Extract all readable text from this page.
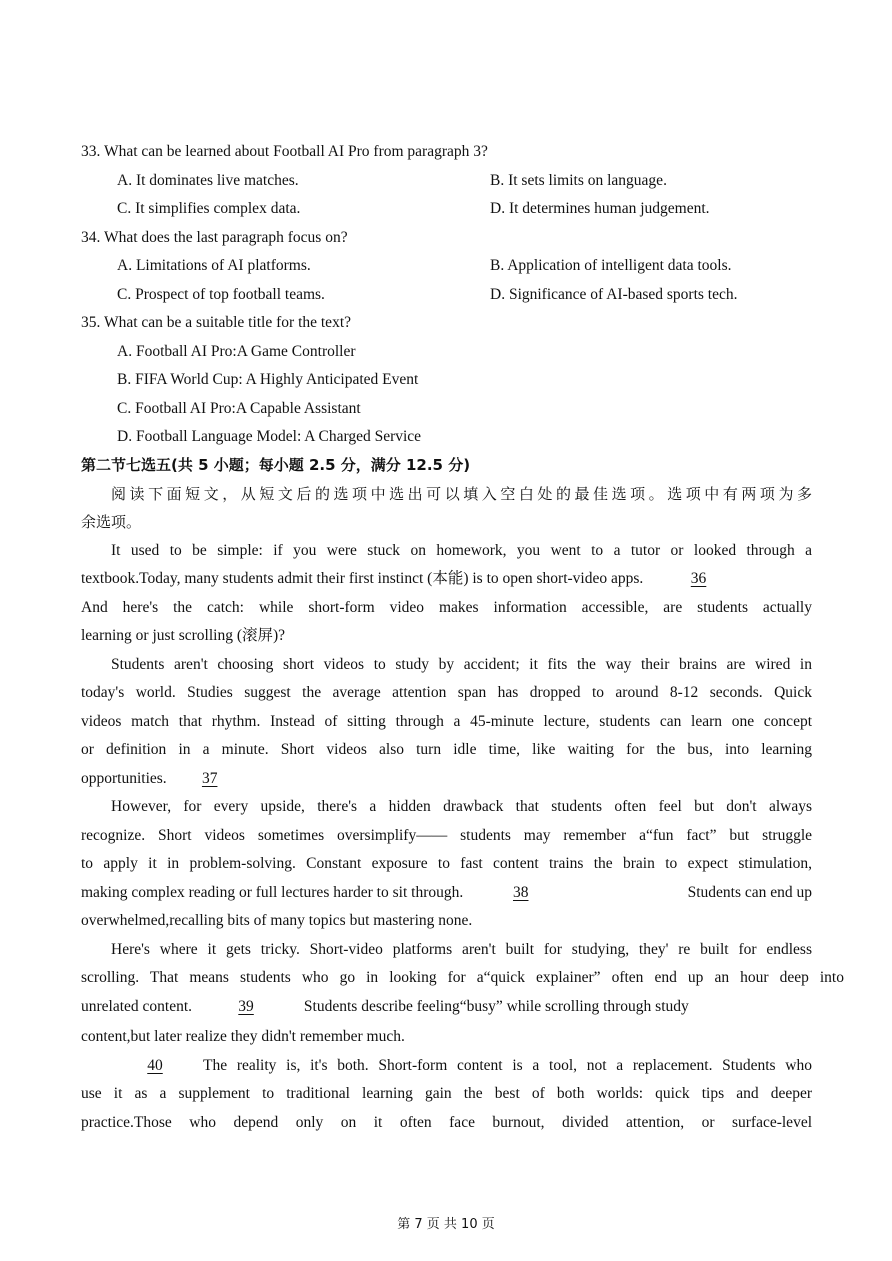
33. What can be learned about Football AI Pro from paragraph 3?
A. It dominates live matches.	B. It sets limits on language.
C. It simplifies complex data.	D. It determines human judgement.
34. What does the last paragraph focus on?
A. Limitations of AI platforms.	B. Application of intelligent data tools.
C. Prospect of top football teams.	D. Significance of AI-based sports tech.
35. What can be a suitable title for the text?
A. Football AI Pro:A Game Controller
B. FIFA World Cup: A Highly Anticipated Event
C. Football AI Pro:A Capable Assistant
D. Football Language Model: A Charged Service
第二节七选五(共 5 小题；每小题 2.5 分，满分 12.5 分)
阅读下面短文，从短文后的选项中选出可以填入空白处的最佳选项。选项中有两项为多
余选项。
It used to be simple: if you were stuck on homework, you went to a tutor or looked through a
textbook.Today, many students admit their first instinct (本能) is to open short-video apps.	36
And here's the catch: while short-form video makes information accessible, are students actually
learning or just scrolling (滚屏)?
Students aren't choosing short videos to study by accident; it fits the way their brains are wired in
today's world. Studies suggest the average attention span has dropped to around 8-12 seconds. Quick
videos match that rhythm. Instead of sitting through a 45-minute lecture, students can learn one concept
or definition in a minute. Short videos also turn idle time, like waiting for the bus, into learning
opportunities. 37
However, for every upside, there's a hidden drawback that students often feel but don't always
recognize. Short videos sometimes oversimplify—— students may remember a“fun fact” but struggle
to apply it in problem-solving. Constant exposure to fast content trains the brain to expect stimulation,
making complex reading or full lectures harder to sit through.	38	Students can end up
overwhelmed,recalling bits of many topics but mastering none.
Here's where it gets tricky. Short-video platforms aren't built for studying, they' re built for endless
scrolling. That means students who go in looking for a“quick explainer” often end up an hour deep into
unrelated content.	39	Students describe feeling“busy” while scrolling through study
content,but later realize they didn't remember much.
40	The reality is, it's both. Short-form content is a tool, not a replacement. Students who
use it as a supplement to traditional learning gain the best of both worlds: quick tips and deeper
practice.Those who depend only on it often face burnout, divided attention, or surface-level
第 7 页 共 10 页
